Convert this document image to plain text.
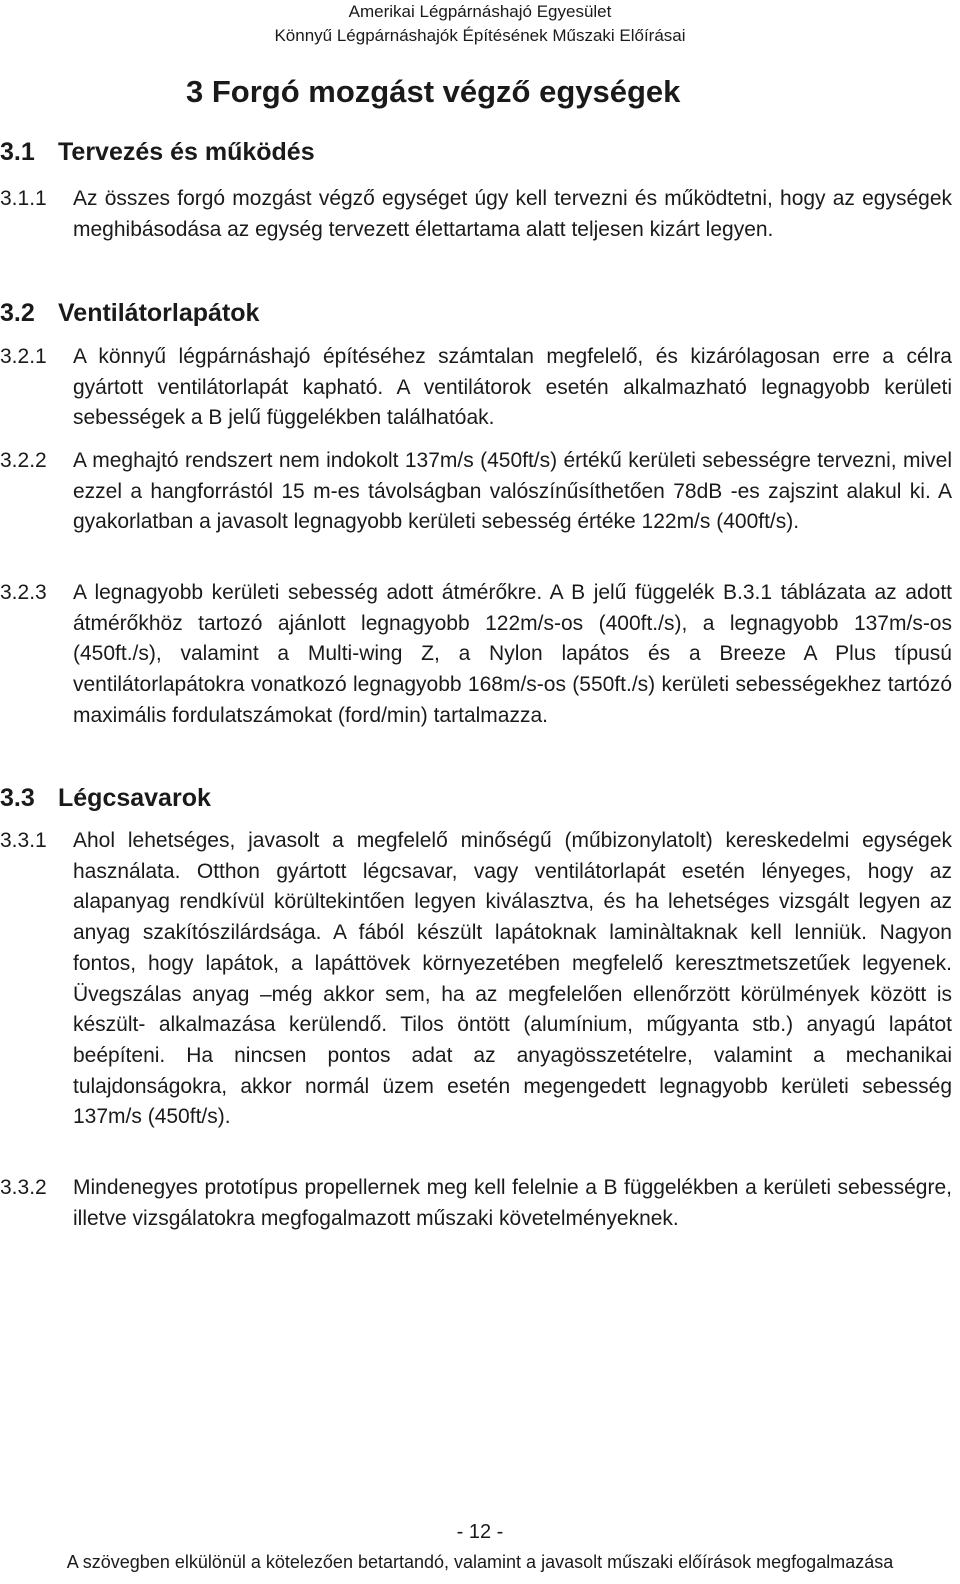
Amerikai Légpárnáshajó Egyesület
Könnyű Légpárnáshajók Építésének Műszaki Előírásai
3 Forgó mozgást végző egységek
3.1 Tervezés és működés
3.1.1 Az összes forgó mozgást végző egységet úgy kell tervezni és működtetni, hogy az egységek meghibásodása az egység tervezett élettartama alatt teljesen kizárt legyen.
3.2 Ventilátorlapátok
3.2.1 A könnyű légpárnáshajó építéséhez számtalan megfelelő, és kizárólagosan erre a célra gyártott ventilátorlapát kapható. A ventilátorok esetén alkalmazható legnagyobb kerületi sebességek a B jelű függelékben találhatóak.
3.2.2 A meghajtó rendszert nem indokolt 137m/s (450ft/s) értékű kerületi sebességre tervezni, mivel ezzel a hangforrástól 15 m-es távolságban valószínűsíthetően 78dB -es zajszint alakul ki. A gyakorlatban a javasolt legnagyobb kerületi sebesség értéke 122m/s (400ft/s).
3.2.3 A legnagyobb kerületi sebesség adott átmérőkre. A B jelű függelék B.3.1 táblázata az adott átmérőkhöz tartozó ajánlott legnagyobb 122m/s-os (400ft./s), a legnagyobb 137m/s-os (450ft./s), valamint a Multi-wing Z, a Nylon lapátos és a Breeze A Plus típusú ventilátorlapátokra vonatkozó legnagyobb 168m/s-os (550ft./s) kerületi sebességekhez tartózó maximális fordulatszámokat (ford/min) tartalmazza.
3.3 Légcsavarok
3.3.1 Ahol lehetséges, javasolt a megfelelő minőségű (műbizonylatolt) kereskedelmi egységek használata. Otthon gyártott légcsavar, vagy ventilátorlapát esetén lényeges, hogy az alapanyag rendkívül körültekintően legyen kiválasztva, és ha lehetséges vizsgált legyen az anyag szakítószilárdsága. A fából készült lapátoknak laminàltaknak kell lenniük. Nagyon fontos, hogy lapátok, a lapáttövek környezetében megfelelő keresztmetszetűek legyenek. Üvegszálas anyag –még akkor sem, ha az megfelelően ellenőrzött körülmények között is készült- alkalmazása kerülendő. Tilos öntött (alumínium, műgyanta stb.) anyagú lapátot beépíteni. Ha nincsen pontos adat az anyagösszetételre, valamint a mechanikai tulajdonságokra, akkor normál üzem esetén megengedett legnagyobb kerületi sebesség 137m/s (450ft/s).
3.3.2 Mindenegyes prototípus propellernek meg kell felelnie a B függelékben a kerületi sebességre, illetve vizsgálatokra megfogalmazott műszaki követelményeknek.
- 12 -
A szövegben elkülönül a kötelezően betartandó, valamint a javasolt műszaki előírások megfogalmazása
